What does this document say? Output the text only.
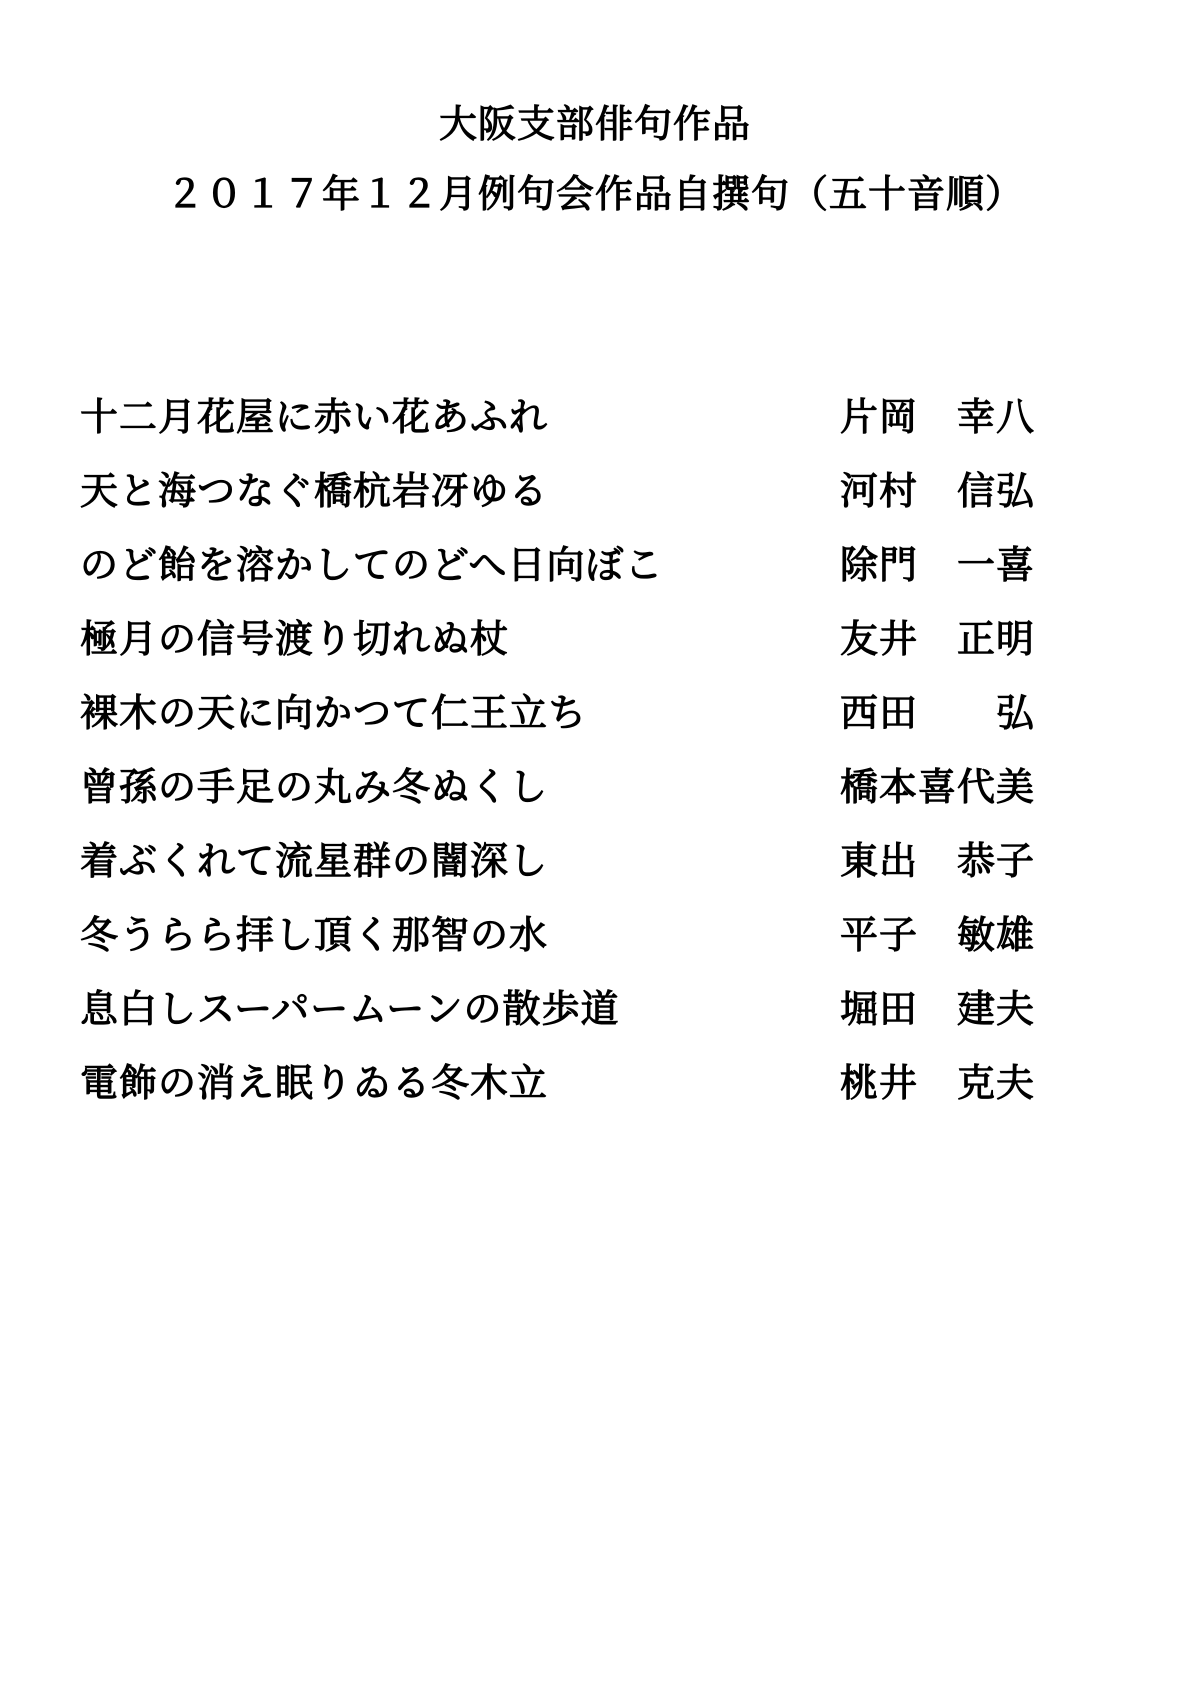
大阪支部俳句作品
２０１７年１２月例句会作品自撰句（五十音順）
十二月花屋に赤い花あふれ	片岡　幸八
天と海つなぐ橋杭岩冴ゆる	河村　信弘
のど飴を溶かしてのどへ日向ぼこ	除門　一喜
極月の信号渡り切れぬ杖	友井　正明
裸木の天に向かつて仁王立ち	西田　　弘
曾孫の手足の丸み冬ぬくし	橋本喜代美
着ぶくれて流星群の闇深し	東出　恭子
冬うらら拝し頂く那智の水	平子　敏雄
息白しスーパームーンの散歩道	堀田　建夫
電飾の消え眠りゐる冬木立	桃井　克夫
